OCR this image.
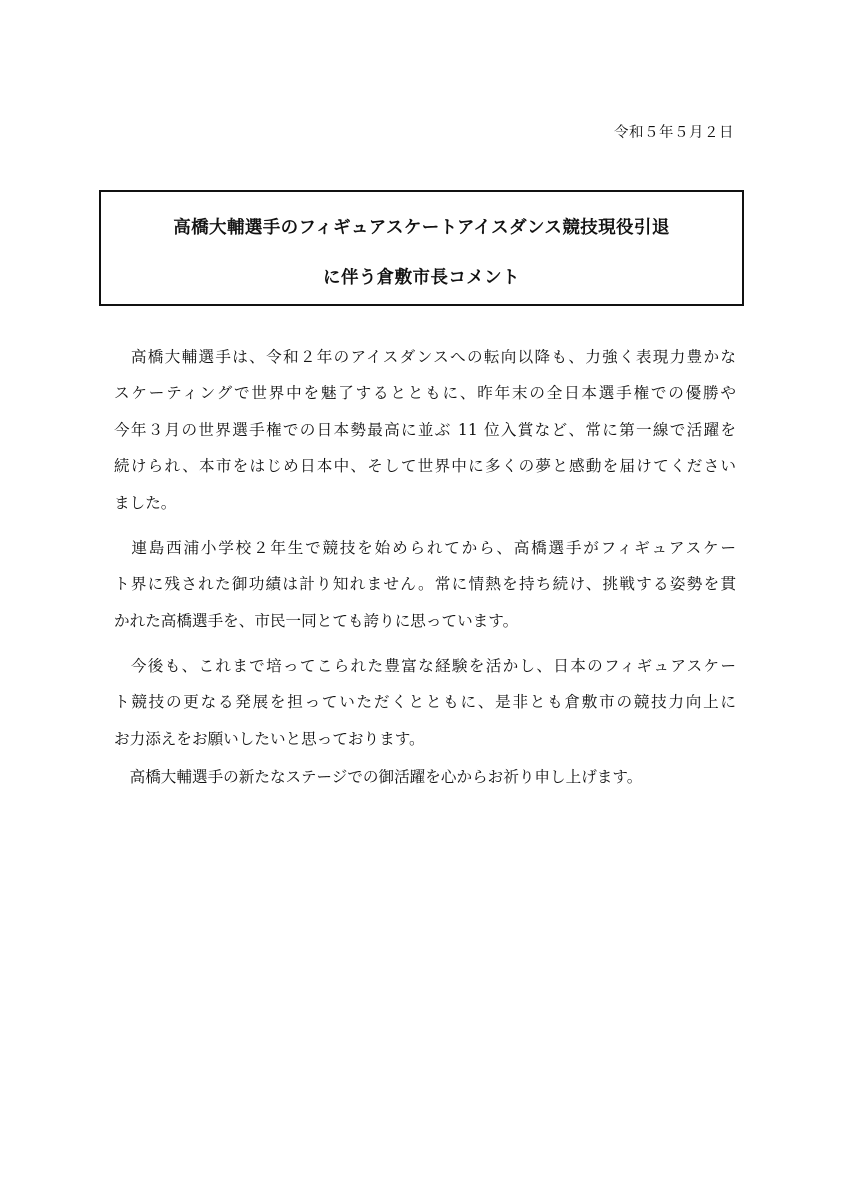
令和５年５月２日
高橋大輔選手のフィギュアスケートアイスダンス競技現役引退
に伴う倉敷市長コメント
　高橋大輔選手は、令和２年のアイスダンスへの転向以降も、力強く表現力豊かな
スケーティングで世界中を魅了するとともに、昨年末の全日本選手権での優勝や
今年３月の世界選手権での日本勢最高に並ぶ 11 位入賞など、常に第一線で活躍を
続けられ、本市をはじめ日本中、そして世界中に多くの夢と感動を届けてください
ました。
　連島西浦小学校２年生で競技を始められてから、高橋選手がフィギュアスケー
ト界に残された御功績は計り知れません。常に情熱を持ち続け、挑戦する姿勢を貫
かれた高橋選手を、市民一同とても誇りに思っています。
　今後も、これまで培ってこられた豊富な経験を活かし、日本のフィギュアスケー
ト競技の更なる発展を担っていただくとともに、是非とも倉敷市の競技力向上に
お力添えをお願いしたいと思っております。
　高橋大輔選手の新たなステージでの御活躍を心からお祈り申し上げます。
